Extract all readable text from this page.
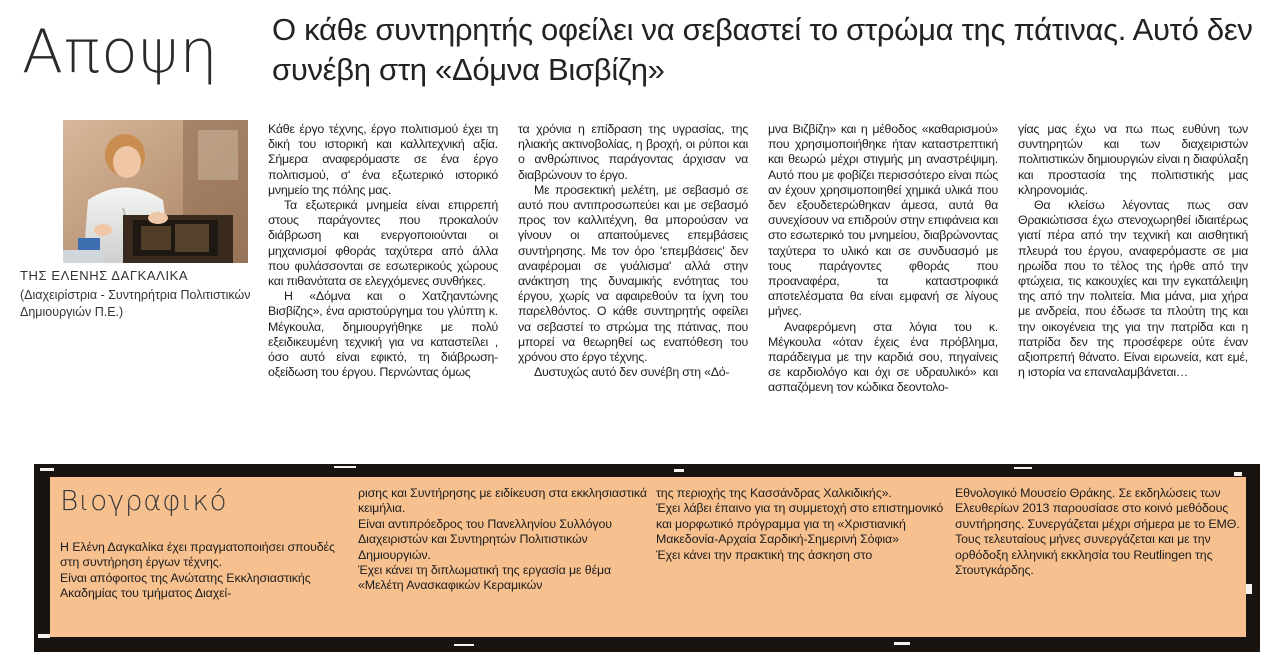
Αποψη Ο κάθε συντηρητής οφείλει να σεβαστεί το στρώμα της πάτινας. Αυτό δεν συνέβη στη «Δόμνα Βισβίζη»
ΤΗΣ ΕΛΕΝΗΣ ΔΑΓΚΑΛΙΚΑ
(Διαχειρίστρια - Συντηρήτρια Πολιτιστικών
Δημιουργιών Π.Ε.)

Κάθε έργο τέχνης, έργο πολιτισμού έχει τη δική του ιστορική και καλλιτεχνική αξία. Σήμερα αναφερόμαστε σε ένα έργο πολιτισμού, σ' ένα εξωτερικό ιστορικό μνημείο της πόλης μας.

Τα εξωτερικά μνημεία είναι επιρρεπή στους παράγοντες που προκαλούν διάβρωση και ενεργοποιούνται οι μηχανισμοί φθοράς ταχύτερα από άλλα που φυλάσσονται σε εσωτερικούς χώρους και πιθανότατα σε ελεγχόμενες συνθήκες.

Η «Δόμνα και ο Χατζηαντώνης Βισβίζης», ένα αριστούργημα του γλύπτη κ. Μέγκουλα, δημιουργήθηκε με πολύ εξειδικευμένη τεχνική για να καταστείλει , όσο αυτό είναι εφικτό, τη διάβρωση-οξείδωση του έργου. Περνώντας όμως

τα χρόνια η επίδραση της υγρασίας, της ηλιακής ακτινοβολίας, η βροχή, οι ρύποι και ο ανθρώπινος παράγοντας άρχισαν να διαβρώνουν το έργο.

Με προσεκτική μελέτη, με σεβασμό σε αυτό που αντιπροσωπεύει και με σεβασμό προς τον καλλιτέχνη, θα μπορούσαν να γίνουν οι απαιτούμενες επεμβάσεις συντήρησης. Με τον όρο 'επεμβάσεις' δεν αναφέρομαι σε γυάλισμα' αλλά στην ανάκτηση της δυναμικής ενότητας του έργου, χωρίς να αφαιρεθούν τα ίχνη του παρελθόντος. Ο κάθε συντηρητής οφείλει να σεβαστεί το στρώμα της πάτινας, που μπορεί να θεωρηθεί ως εναπόθεση του χρόνου στο έργο τέχνης.

Δυστυχώς αυτό δεν συνέβη στη «Δό-

μνα Βιζβίζη» και η μέθοδος «καθαρισμού» που χρησιμοποιήθηκε ήταν καταστρεπτική και θεωρώ μέχρι στιγμής μη αναστρέψιμη. Αυτό που με φοβίζει περισσότερο είναι πώς αν έχουν χρησιμοποιηθεί χημικά υλικά που δεν εξουδετερώθηκαν άμεσα, αυτά θα συνεχίσουν να επιδρούν στην επιφάνεια και στο εσωτερικό του μνημείου, διαβρώνοντας ταχύτερα το υλικό και σε συνδυασμό με τους παράγοντες φθοράς που προαναφέρα, τα καταστροφικά αποτελέσματα θα είναι εμφανή σε λίγους μήνες.

Αναφερόμενη στα λόγια του κ. Μέγκουλα «όταν έχεις ένα πρόβλημα, παράδειγμα με την καρδιά σου, πηγαίνεις σε καρδιολόγο και όχι σε υδραυλικό» και ασπαζόμενη τον κώδικα δεοντολο-

γίας μας έχω να πω πως ευθύνη των συντηρητών και των διαχειριστών πολιτιστικών δημιουργιών είναι η διαφύλαξη και προστασία της πολιτιστικής μας κληρονομιάς.

Θα κλείσω λέγοντας πως σαν Θρακιώτισσα έχω στενοχωρηθεί ιδιαιτέρως γιατί πέρα από την τεχνική και αισθητική πλευρά του έργου, αναφερόμαστε σε μια ηρωίδα που το τέλος της ήρθε από την φτώχεια, τις κακουχίες και την εγκατάλειψη της από την πολιτεία. Μια μάνα, μια χήρα με ανδρεία, που έδωσε τα πλούτη της και την οικογένεια της για την πατρίδα και η πατρίδα δεν της προσέφερε ούτε έναν αξιοπρεπή θάνατο. Είναι ειρωνεία, κατ εμέ, η ιστορία να επαναλαμβάνεται…

Βιογραφικό
Η Ελένη Δαγκαλίκα έχει πραγματοποιήσει σπουδές στη συντήρηση έργων τέχνης.
Είναι απόφοιτος της Ανώτατης Εκκλησιαστικής Ακαδημίας του τμήματος Διαχεί-
ρισης και Συντήρησης με ειδίκευση στα εκκλησιαστικά κειμήλια.
Είναι αντιπρόεδρος του Πανελληνίου Συλλόγου Διαχειριστών και Συντηρητών Πολιτιστικών Δημιουργιών.
Έχει κάνει τη διπλωματική της εργασία με θέμα «Μελέτη Ανασκαφικών Κεραμικών
της περιοχής της Κασσάνδρας Χαλκιδικής».
Έχει λάβει έπαινο για τη συμμετοχή στο επιστημονικό και μορφωτικό πρόγραμμα για τη «Χριστιανική Μακεδονία-Αρχαία Σαρδική-Σημερινή Σόφια»
Έχει κάνει την πρακτική της άσκηση στο
Εθνολογικό Μουσείο Θράκης. Σε εκδηλώσεις των Ελευθερίων 2013 παρουσίασε στο κοινό μεθόδους συντήρησης. Συνεργάζεται μέχρι σήμερα με το ΕΜΘ.
Τους τελευταίους μήνες συνεργάζεται και με την ορθόδοξη ελληνική εκκλησία του Reutlingen της Στουτγκάρδης.
